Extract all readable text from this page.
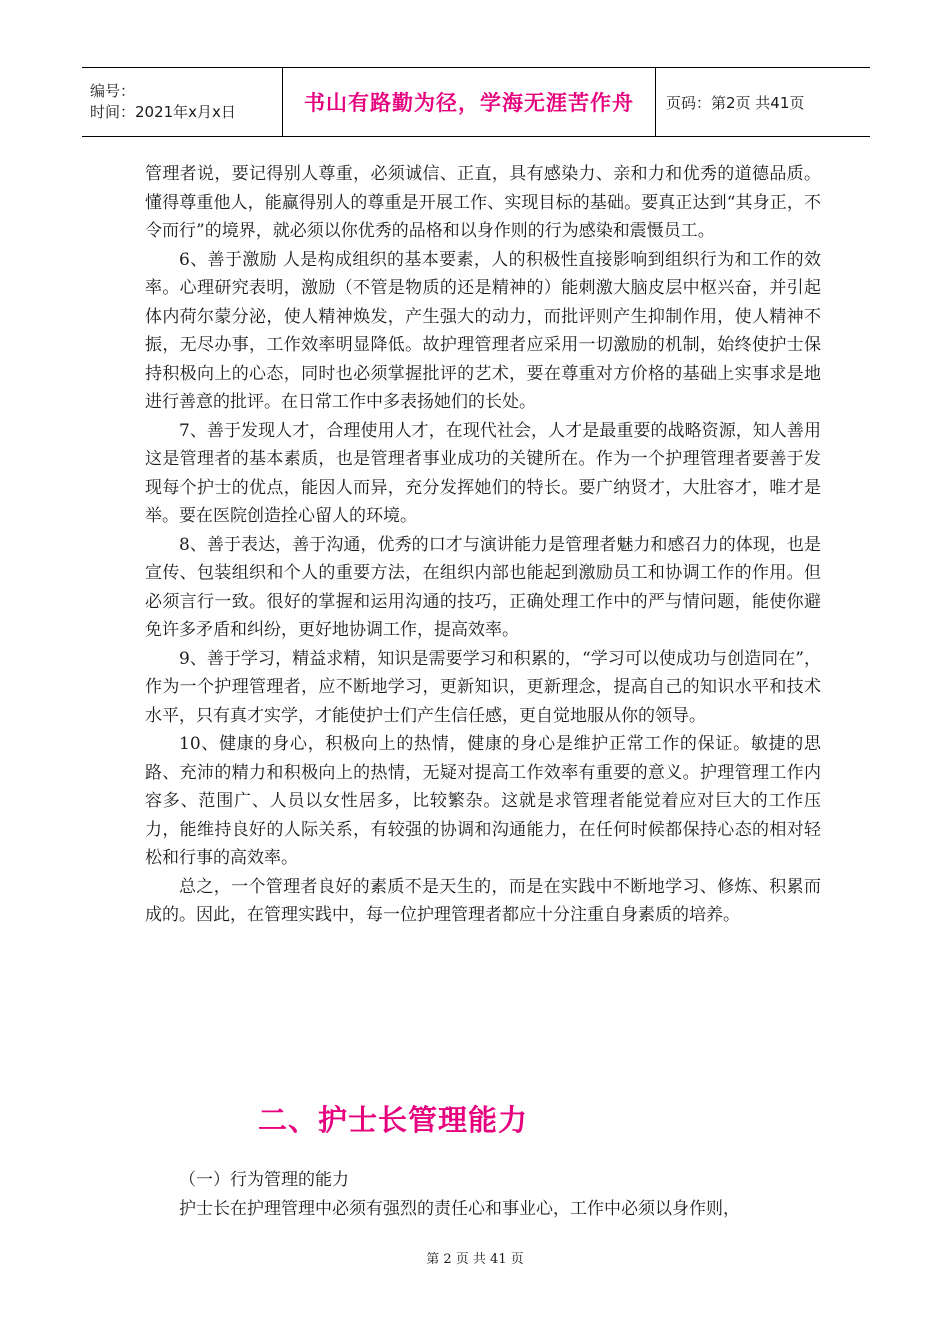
编号：
时间：2021年x月x日	书山有路勤为径，学海无涯苦作舟 页码：第2页 共41页

管理者说，要记得别人尊重，必须诚信、正直，具有感染力、亲和力和优秀的道德品质。懂得尊重他人，能赢得别人的尊重是开展工作、实现目标的基础。要真正达到“其身正，不令而行”的境界，就必须以你优秀的品格和以身作则的行为感染和震慑员工。

6、善于激励 人是构成组织的基本要素，人的积极性直接影响到组织行为和工作的效率。心理研究表明，激励（不管是物质的还是精神的）能刺激大脑皮层中枢兴奋，并引起体内荷尔蒙分泌，使人精神焕发，产生强大的动力，而批评则产生抑制作用，使人精神不振，无尽办事，工作效率明显降低。故护理管理者应采用一切激励的机制，始终使护士保持积极向上的心态，同时也必须掌握批评的艺术，要在尊重对方价格的基础上实事求是地进行善意的批评。在日常工作中多表扬她们的长处。

7、善于发现人才，合理使用人才，在现代社会，人才是最重要的战略资源，知人善用这是管理者的基本素质，也是管理者事业成功的关键所在。作为一个护理管理者要善于发现每个护士的优点，能因人而异，充分发挥她们的特长。要广纳贤才，大肚容才，唯才是举。要在医院创造拴心留人的环境。

8、善于表达，善于沟通，优秀的口才与演讲能力是管理者魅力和感召力的体现，也是宣传、包装组织和个人的重要方法，在组织内部也能起到激励员工和协调工作的作用。但必须言行一致。很好的掌握和运用沟通的技巧，正确处理工作中的严与情问题，能使你避免许多矛盾和纠纷，更好地协调工作，提高效率。

9、善于学习，精益求精，知识是需要学习和积累的，“学习可以使成功与创造同在”，作为一个护理管理者，应不断地学习，更新知识，更新理念，提高自己的知识水平和技术水平，只有真才实学，才能使护士们产生信任感，更自觉地服从你的领导。

10、健康的身心，积极向上的热情，健康的身心是维护正常工作的保证。敏捷的思路、充沛的精力和积极向上的热情，无疑对提高工作效率有重要的意义。护理管理工作内容多、范围广、人员以女性居多，比较繁杂。这就是求管理者能觉着应对巨大的工作压力，能维持良好的人际关系，有较强的协调和沟通能力，在任何时候都保持心态的相对轻松和行事的高效率。

总之，一个管理者良好的素质不是天生的，而是在实践中不断地学习、修炼、积累而成的。因此，在管理实践中，每一位护理管理者都应十分注重自身素质的培养。

二、护士长管理能力

（一）行为管理的能力

护士长在护理管理中必须有强烈的责任心和事业心，工作中必须以身作则，

第 2 页 共 41 页
